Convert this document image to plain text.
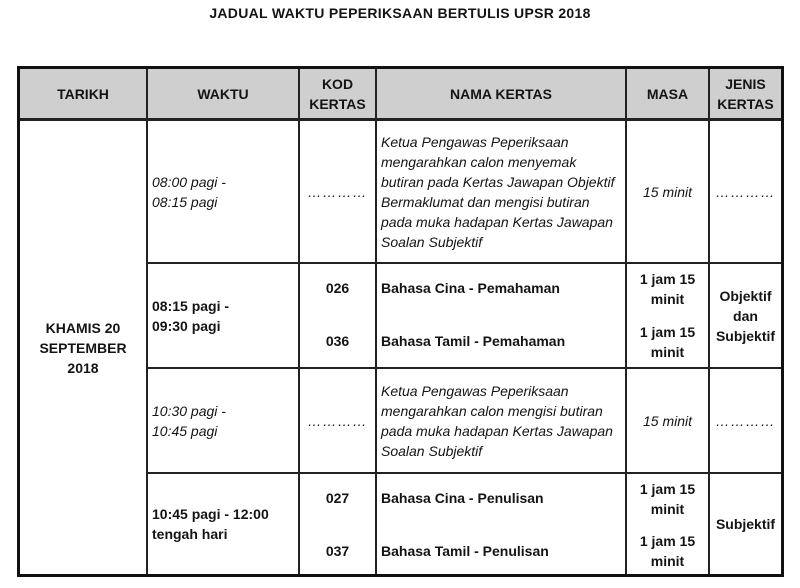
JADUAL WAKTU PEPERIKSAAN BERTULIS UPSR 2018
TARIKH	WAKTU
KOD KERTAS
NAMA KERTAS	MASA
JENIS KERTAS
KHAMIS 20 SEPTEMBER 2018
08:00 pagi - 08:15 pagi
…………
Ketua Pengawas Peperiksaan mengarahkan calon menyemak butiran pada Kertas Jawapan Objektif Bermaklumat dan mengisi butiran pada muka hadapan Kertas Jawapan Soalan Subjektif
15 minit …………
08:15 pagi - 09:30 pagi
026
036
Bahasa Cina - Pemahaman
Bahasa Tamil - Pemahaman
1 jam 15 minit
1 jam 15 minit
Objektif dan Subjektif
10:30 pagi - 10:45 pagi
…………
Ketua Pengawas Peperiksaan mengarahkan calon mengisi butiran pada muka hadapan Kertas Jawapan Soalan Subjektif
15 minit …………
10:45 pagi - 12:00 tengah hari
027
037
Bahasa Cina - Penulisan
Bahasa Tamil - Penulisan
1 jam 15 minit
1 jam 15 minit
Subjektif
